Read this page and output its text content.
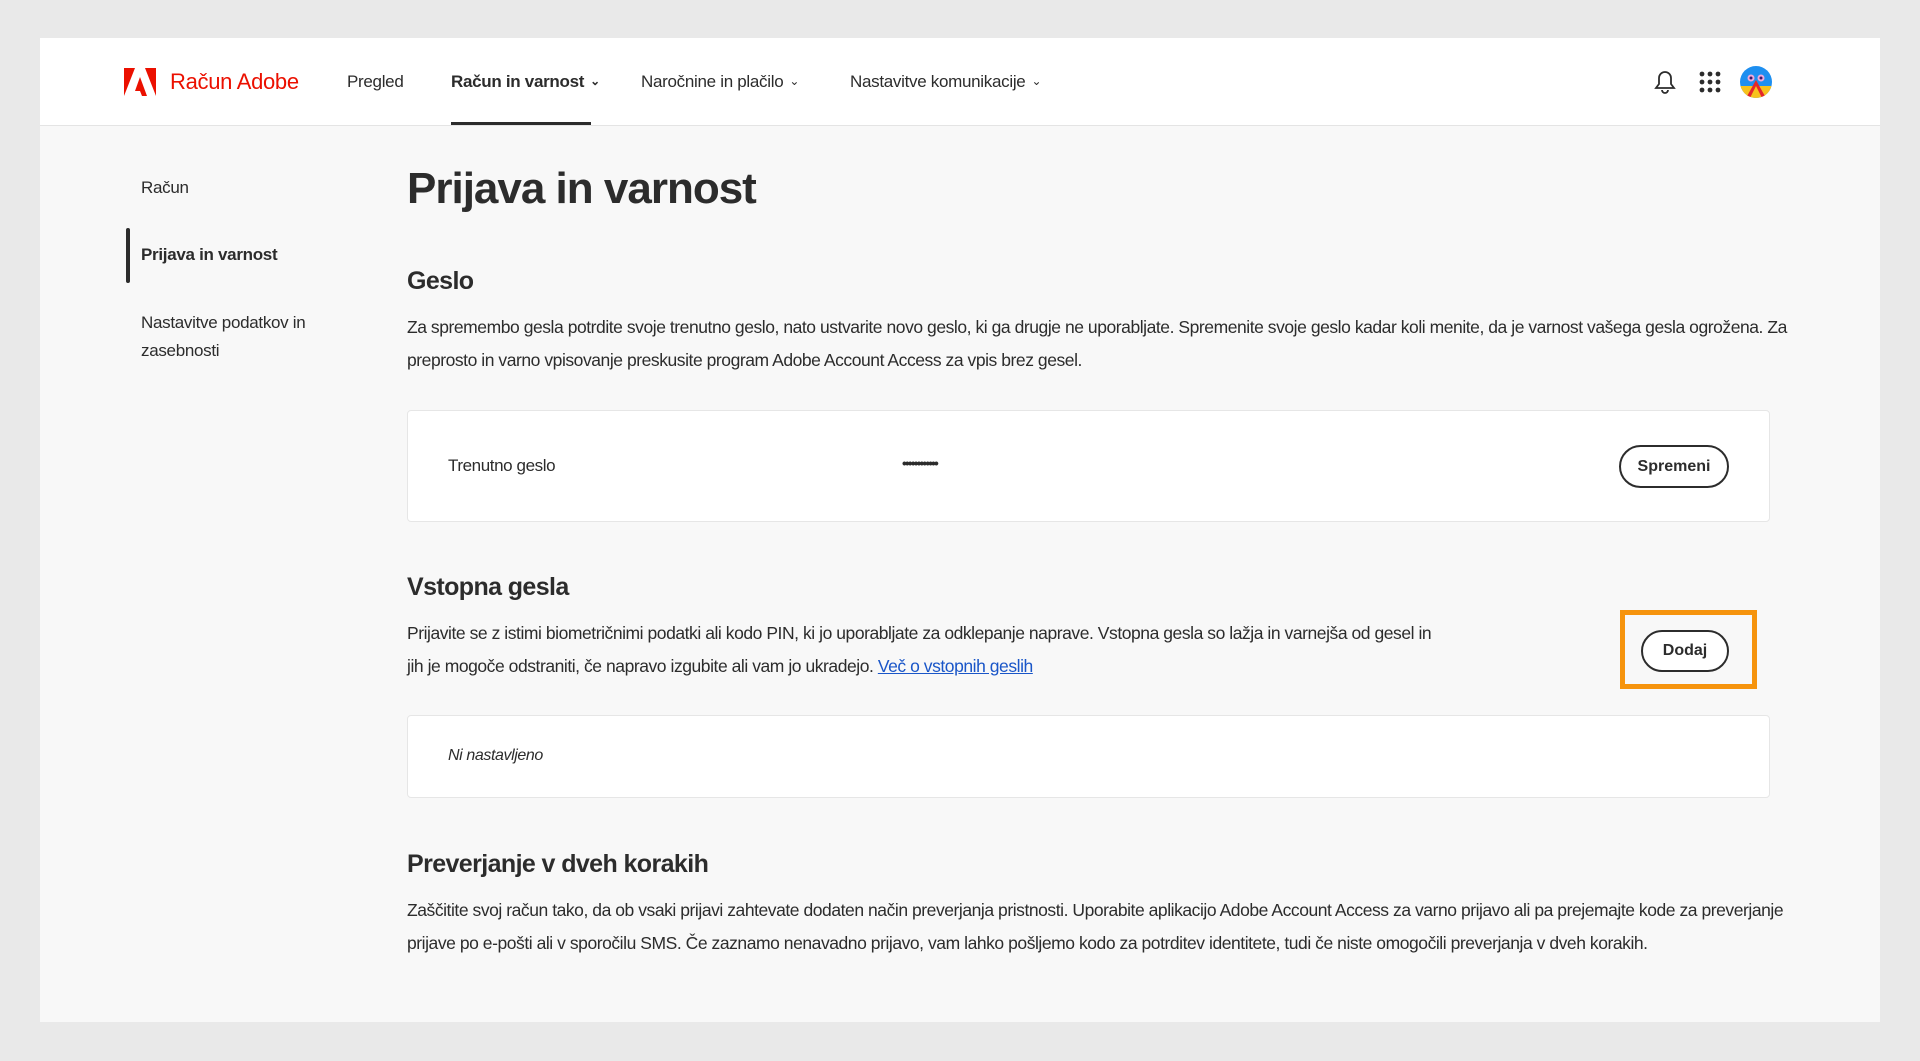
Račun Adobe	Pregled	Račun in varnost ⌄ Naročnine in plačilo ⌄	Nastavitve komunikacije ⌄
Račun
Prijava in varnost
Nastavitve podatkov in
zasebnosti
Prijava in varnost
Geslo

Za spremembo gesla potrdite svoje trenutno geslo, nato ustvarite novo geslo, ki ga drugje ne uporabljate. Spremenite svoje geslo kadar koli menite, da je varnost vašega gesla ogrožena. Za preprosto in varno vpisovanje preskusite program Adobe Account Access za vpis brez gesel.

Trenutno geslo	••••••••••••	Spremeni
Vstopna gesla

Prijavite se z istimi biometričnimi podatki ali kodo PIN, ki jo uporabljate za odklepanje naprave. Vstopna gesla so lažja in varnejša od gesel in jih je mogoče odstraniti, če napravo izgubite ali vam jo ukradejo. Več o vstopnih geslih

Dodaj
Ni nastavljeno
Preverjanje v dveh korakih

Zaščitite svoj račun tako, da ob vsaki prijavi zahtevate dodaten način preverjanja pristnosti. Uporabite aplikacijo Adobe Account Access za varno prijavo ali pa prejemajte kode za preverjanje prijave po e-pošti ali v sporočilu SMS. Če zaznamo nenavadno prijavo, vam lahko pošljemo kodo za potrditev identitete, tudi če niste omogočili preverjanja v dveh korakih.
